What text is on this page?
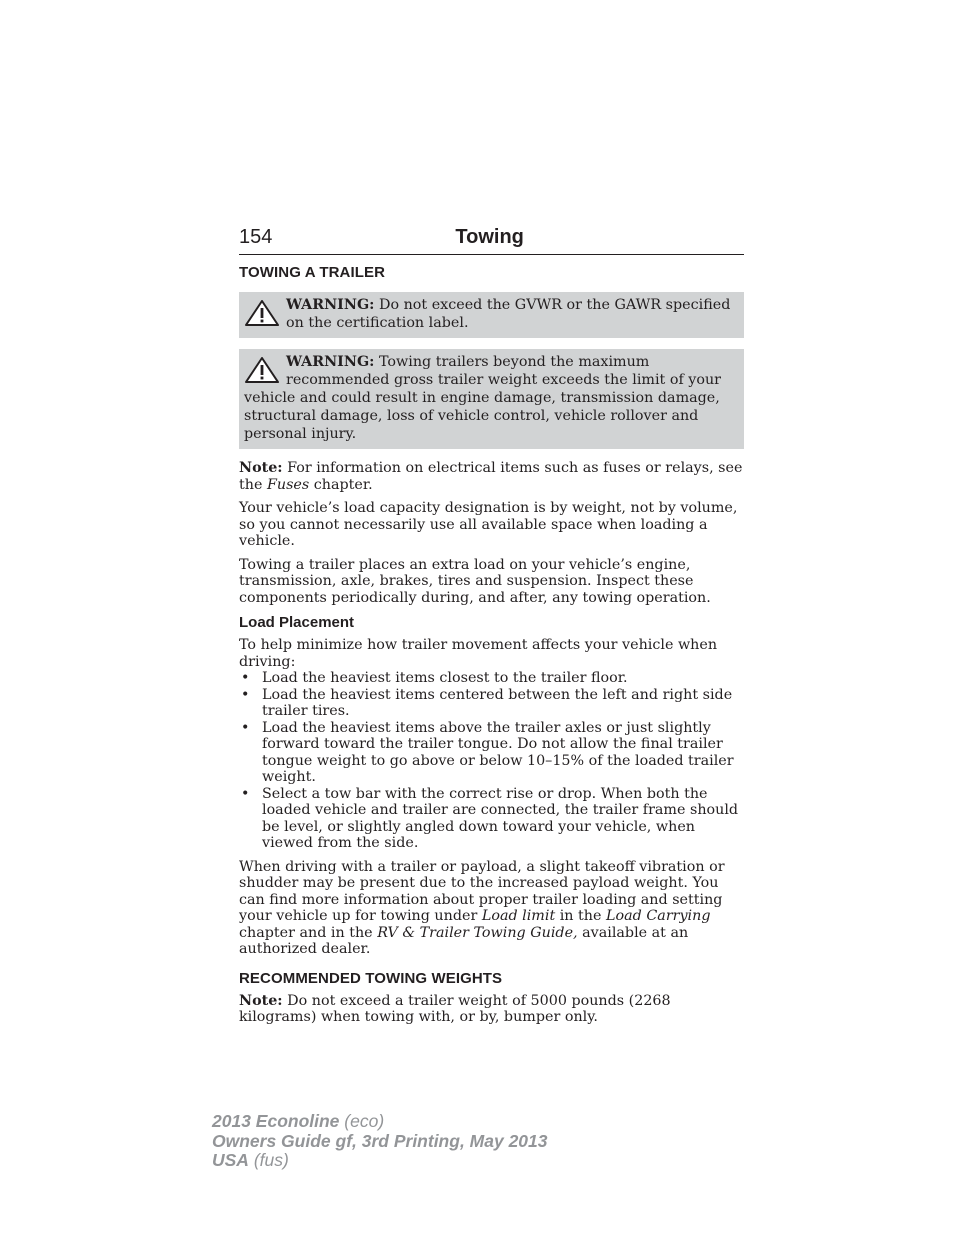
154	Towing
TOWING A TRAILER
WARNING: Do not exceed the GVWR or the GAWR specified on the certification label.
WARNING: Towing trailers beyond the maximum recommended gross trailer weight exceeds the limit of your vehicle and could result in engine damage, transmission damage, structural damage, loss of vehicle control, vehicle rollover and personal injury.

Note: For information on electrical items such as fuses or relays, see the Fuses chapter.

Your vehicle’s load capacity designation is by weight, not by volume, so you cannot necessarily use all available space when loading a vehicle.

Towing a trailer places an extra load on your vehicle’s engine, transmission, axle, brakes, tires and suspension. Inspect these components periodically during, and after, any towing operation.

Load Placement

To help minimize how trailer movement affects your vehicle when driving:

• Load the heaviest items closest to the trailer floor.
• Load the heaviest items centered between the left and right side trailer tires.
• Load the heaviest items above the trailer axles or just slightly forward toward the trailer tongue. Do not allow the final trailer tongue weight to go above or below 10–15% of the loaded trailer weight.
• Select a tow bar with the correct rise or drop. When both the loaded vehicle and trailer are connected, the trailer frame should be level, or slightly angled down toward your vehicle, when viewed from the side.

When driving with a trailer or payload, a slight takeoff vibration or shudder may be present due to the increased payload weight. You can find more information about proper trailer loading and setting your vehicle up for towing under Load limit in the Load Carrying chapter and in the RV & Trailer Towing Guide, available at an authorized dealer.

RECOMMENDED TOWING WEIGHTS

Note: Do not exceed a trailer weight of 5000 pounds (2268 kilograms) when towing with, or by, bumper only.

2013 Econoline (eco)
Owners Guide gf, 3rd Printing, May 2013
USA (fus)
